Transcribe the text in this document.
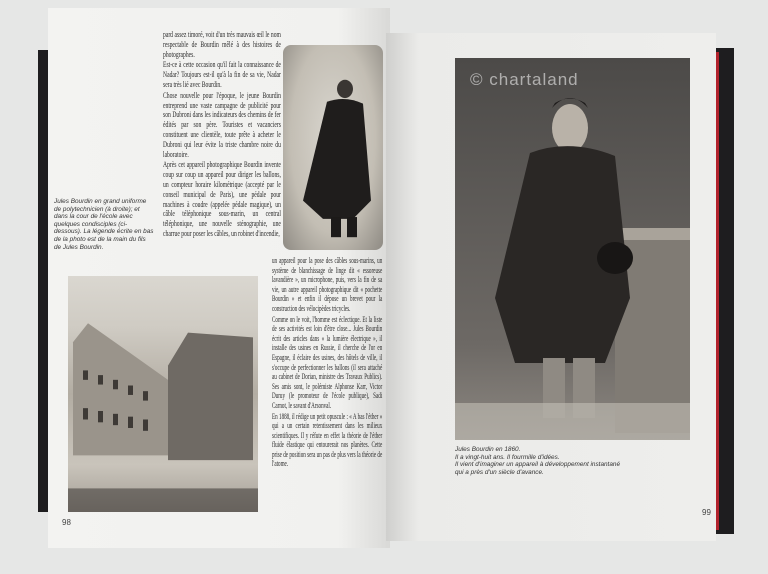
pard assez timoré, voit d'un très mauvais œil le nom respectable de Bourdin mêlé à des histoires de photographes.

Est-ce à cette occasion qu'il fait la connaissance de Nadar? Toujours est-il qu'à la fin de sa vie, Nadar sera très lié avec Bourdin.

Chose nouvelle pour l'époque, le jeune Bourdin entreprend une vaste campagne de publicité pour son Dubroni dans les indicateurs des chemins de fer édités par son père. Touristes et vacanciers constituent une clientèle, toute prête à acheter le Dubroni qui leur évite la triste chambre noire du laboratoire.

Après cet appareil photographique Bourdin invente coup sur coup un appareil pour diriger les ballons, un compteur horaire kilométrique (accepté par le conseil municipal de Paris), une pédale pour machines à coudre (appelée pédale magique), un câble téléphonique sous-marin, un central téléphonique, une nouvelle sténographie, une charrue pour poser les câbles, un robinet d'incendie,

un appareil pour la pose des câbles sous-marins, un système de blanchissage de linge dit « essoreuse lavandière », un microphone, puis, vers la fin de sa vie, un autre appareil photographique dit « pochette Bourdin » et enfin il dépose un brevet pour la construction des vélocipèdes tricycles.

Comme on le voit, l'homme est éclectique. Et la liste de ses activités est loin d'être close... Jules Bourdin écrit des articles dans « la lumière électrique », il installe des usines en Russie, il cherche de l'or en Espagne, il éclaire des usines, des hôtels de ville, il s'occupe de perfectionner les ballons (il sera attaché au cabinet de Dorian, ministre des Travaux Publics). Ses amis sont, le polémiste Alphonse Karr, Victor Duruy (le promoteur de l'école publique), Sadi Carnot, le savant d'Arsonval.

En 1888, il rédige un petit opuscule : « A bas l'éther » qui a un certain retentissement dans les milieux scientifiques. Il y réfute en effet la théorie de l'éther fluide élastique qui entourerait nos planètes. Cette prise de position sera un pas de plus vers la théorie de l'atome.

Jules Bourdin en grand uniforme de polytechnicien (à droite); et dans la cour de l'école avec quelques condisciples (ci-dessous). La légende écrite en bas de la photo est de la main du fils de Jules Bourdin.
98
Jules Bourdin en 1860.
Il a vingt-huit ans. Il fourmille d'idées.
Il vient d'imaginer un appareil à développement instantané
qui a près d'un siècle d'avance.
99
© chartaland
